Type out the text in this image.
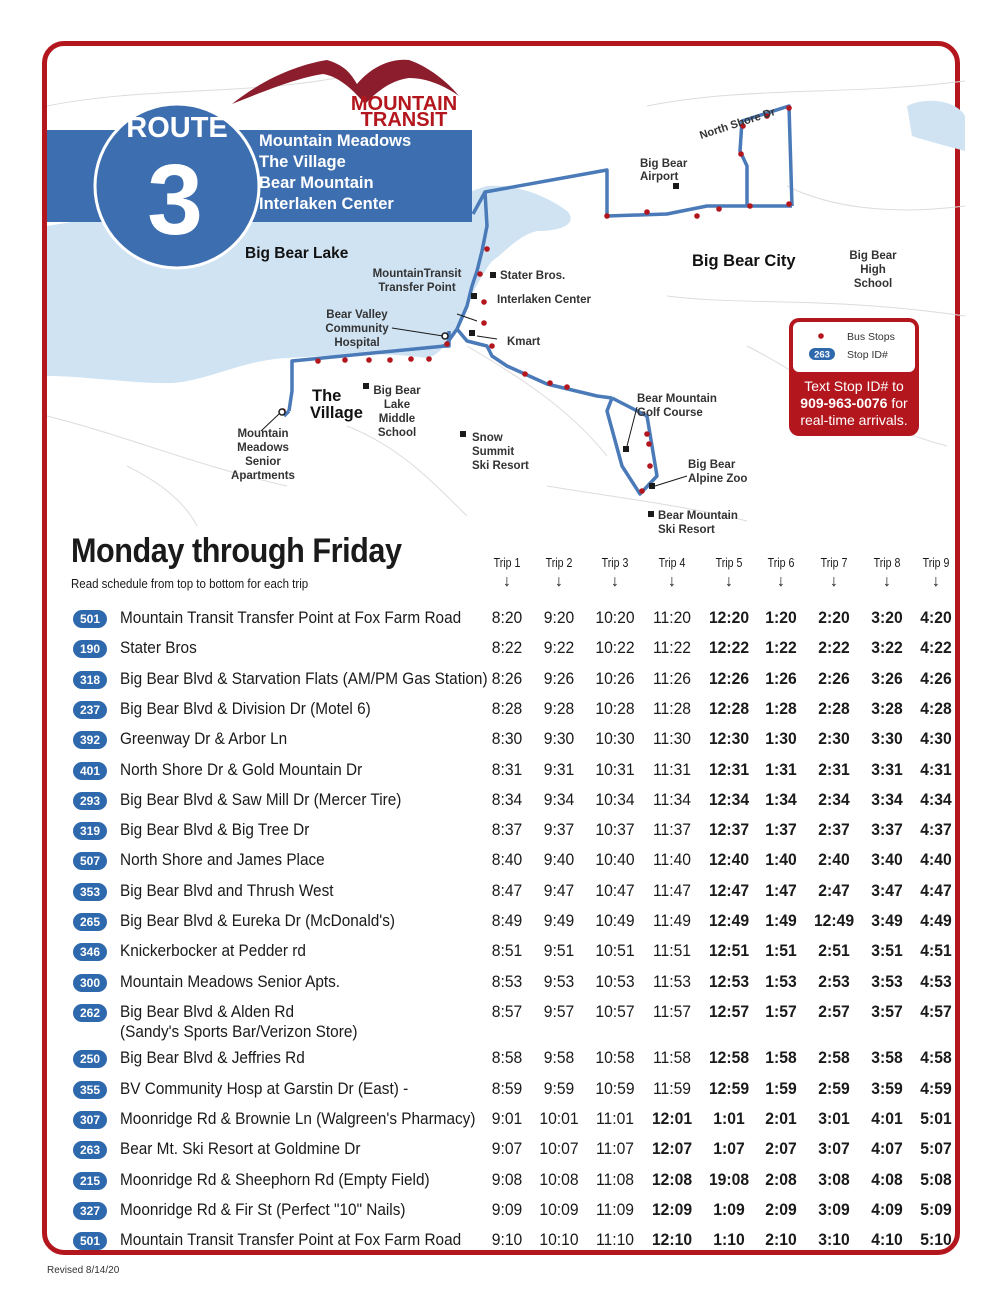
Big Bear Lake	Big Bear City
The
Village
North Shore Dr
Big Bear
Airport
Big Bear
High
School
MountainTransit
Transfer Point
Stater Bros.
Interlaken Center
Kmart
Bear Valley
Community
Hospital
Big Bear
Lake
Middle
School
Mountain
Meadows
Senior
Apartments
Snow
Summit
Ski Resort
Bear Mountain
Golf Course
Big Bear
Alpine Zoo
Bear Mountain
Ski Resort
ROUTE
3
Mountain Meadows
The Village
Bear Mountain
Interlaken Center
MOUNTAIN
TRANSIT
Bus Stops
263 Stop ID#
Text Stop ID# to
909-963-0076 for
real-time arrivals.
Monday through Friday
Read schedule from top to bottom for each trip
Trip 1
↓
Trip 2
↓
Trip 3
↓
Trip 4
↓
Trip 5
↓
Trip 6
↓
Trip 7
↓
Trip 8
↓
Trip 9
↓
501	Mountain Transit Transfer Point at Fox Farm Road	8:20	9:20	10:20	11:20	12:20 1:20	2:20	3:20	4:20
190	Stater Bros	8:22	9:22	10:22	11:22	12:22 1:22	2:22	3:22	4:22
318	Big Bear Blvd & Starvation Flats (AM/PM Gas Station) 8:26	9:26	10:26	11:26	12:26 1:26	2:26	3:26	4:26
237	Big Bear Blvd & Division Dr (Motel 6)	8:28	9:28	10:28	11:28	12:28 1:28	2:28	3:28	4:28
392	Greenway Dr & Arbor Ln	8:30	9:30	10:30	11:30	12:30 1:30	2:30	3:30	4:30
401	North Shore Dr & Gold Mountain Dr	8:31	9:31	10:31	11:31	12:31 1:31	2:31	3:31	4:31
293	Big Bear Blvd & Saw Mill Dr (Mercer Tire)	8:34	9:34	10:34	11:34	12:34 1:34	2:34	3:34	4:34
319	Big Bear Blvd & Big Tree Dr	8:37	9:37	10:37	11:37	12:37 1:37	2:37	3:37	4:37
507	North Shore and James Place	8:40	9:40	10:40	11:40	12:40 1:40	2:40	3:40	4:40
353	Big Bear Blvd and Thrush West	8:47	9:47	10:47	11:47	12:47 1:47	2:47	3:47	4:47
265	Big Bear Blvd & Eureka Dr (McDonald's)	8:49	9:49	10:49	11:49	12:49 1:49	12:49	3:49	4:49
346	Knickerbocker at Pedder rd	8:51	9:51	10:51	11:51	12:51 1:51	2:51	3:51	4:51
300	Mountain Meadows Senior Apts.	8:53	9:53	10:53	11:53	12:53 1:53	2:53	3:53	4:53
262	Big Bear Blvd & Alden Rd
(Sandy's Sports Bar/Verizon Store)
8:57	9:57	10:57	11:57	12:57 1:57	2:57	3:57	4:57
250	Big Bear Blvd & Jeffries Rd	8:58	9:58	10:58	11:58	12:58 1:58	2:58	3:58	4:58
355	BV Community Hosp at Garstin Dr (East) -	8:59	9:59	10:59	11:59	12:59 1:59	2:59	3:59	4:59
307	Moonridge Rd & Brownie Ln (Walgreen's Pharmacy) 9:01	10:01	11:01	12:01	1:01	2:01	3:01	4:01	5:01
263	Bear Mt. Ski Resort at Goldmine Dr	9:07	10:07	11:07	12:07	1:07	2:07	3:07	4:07	5:07
215	Moonridge Rd & Sheephorn Rd (Empty Field)	9:08	10:08	11:08	12:08	19:08 2:08	3:08	4:08	5:08
327	Moonridge Rd & Fir St (Perfect "10" Nails)	9:09	10:09	11:09	12:09	1:09	2:09	3:09	4:09	5:09
501	Mountain Transit Transfer Point at Fox Farm Road	9:10	10:10	11:10	12:10	1:10	2:10	3:10	4:10	5:10
Revised 8/14/20
